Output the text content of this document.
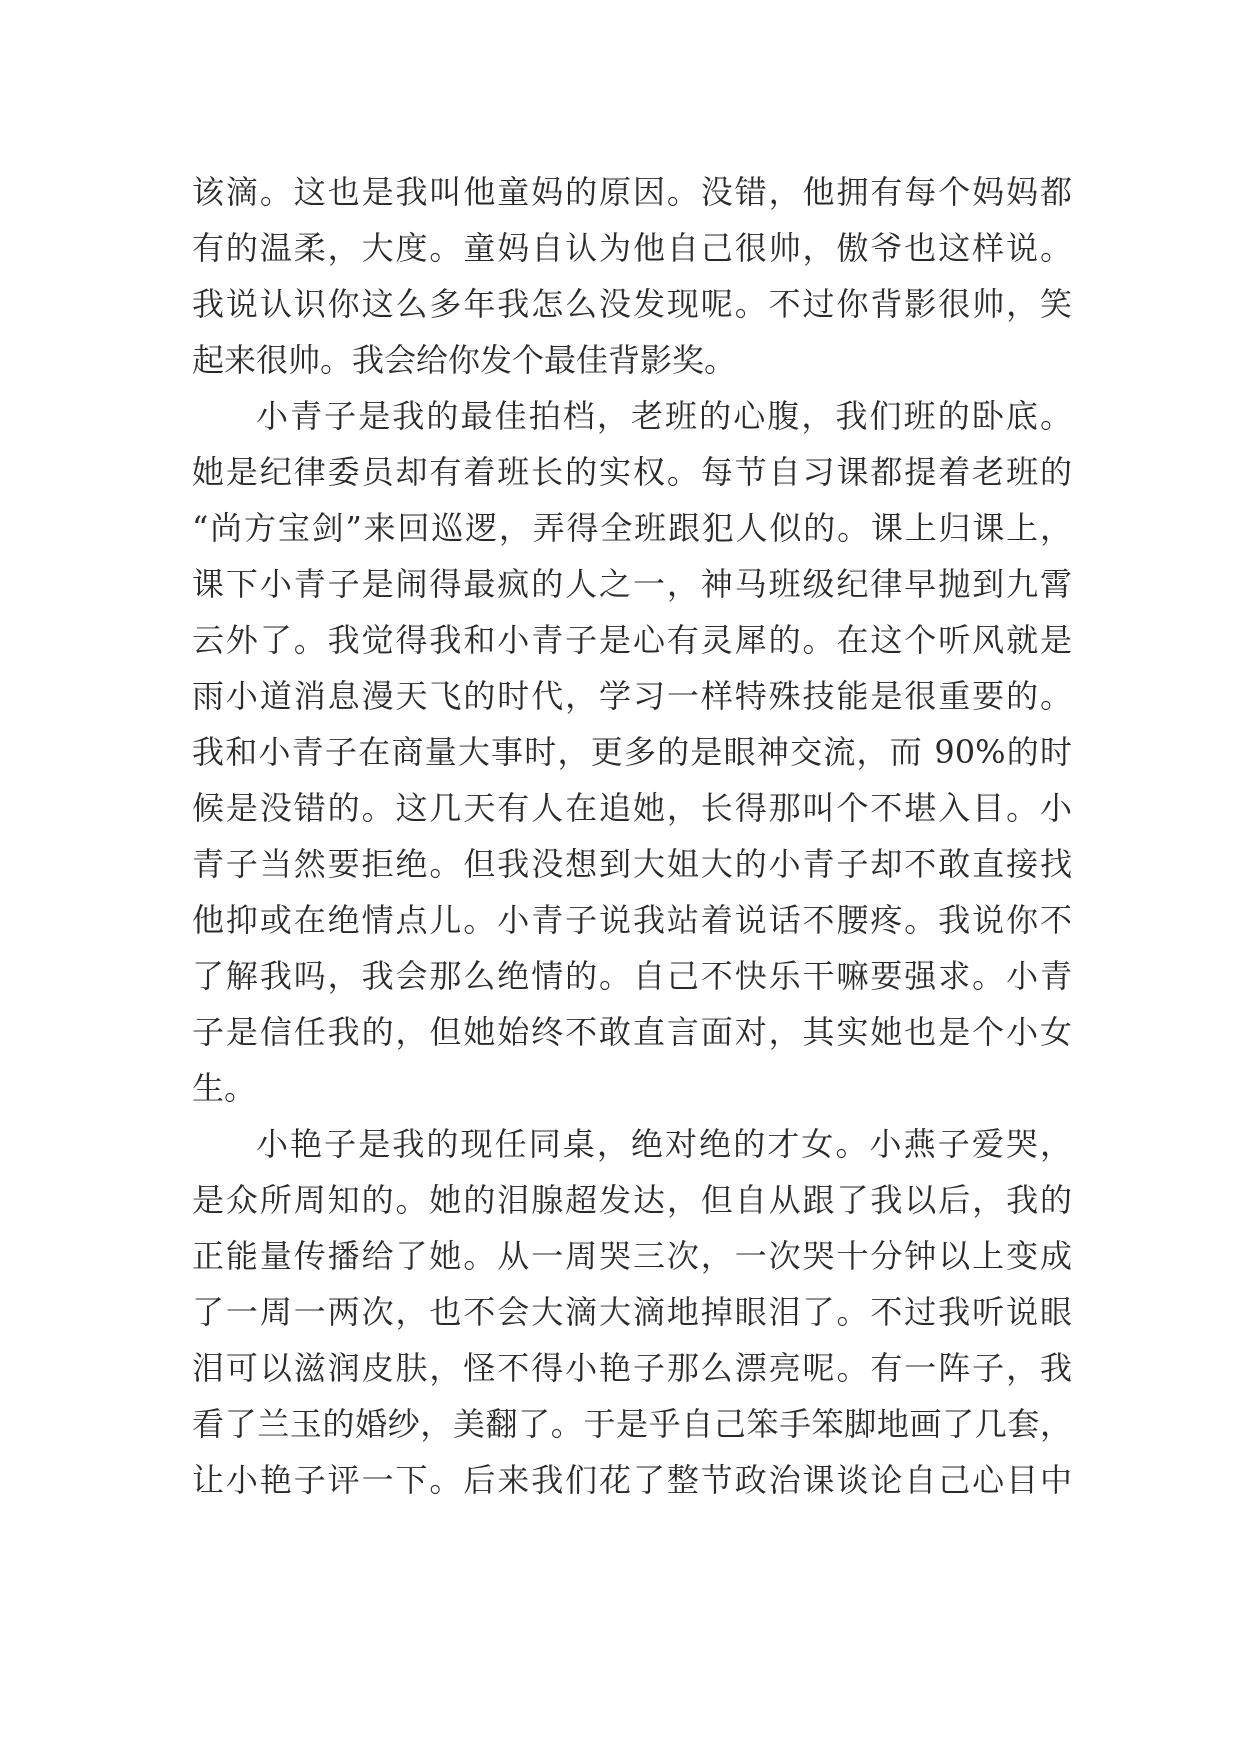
该滴。这也是我叫他童妈的原因。没错，他拥有每个妈妈都
有的温柔，大度。童妈自认为他自己很帅，傲爷也这样说。
我说认识你这么多年我怎么没发现呢。不过你背影很帅，笑
起来很帅。我会给你发个最佳背影奖。
小青子是我的最佳拍档，老班的心腹，我们班的卧底。
她是纪律委员却有着班长的实权。每节自习课都提着老班的
“尚方宝剑”来回巡逻，弄得全班跟犯人似的。课上归课上，
课下小青子是闹得最疯的人之一，神马班级纪律早抛到九霄
云外了。我觉得我和小青子是心有灵犀的。在这个听风就是
雨小道消息漫天飞的时代，学习一样特殊技能是很重要的。
我和小青子在商量大事时，更多的是眼神交流，而 90%的时
候是没错的。这几天有人在追她，长得那叫个不堪入目。小
青子当然要拒绝。但我没想到大姐大的小青子却不敢直接找
他抑或在绝情点儿。小青子说我站着说话不腰疼。我说你不
了解我吗，我会那么绝情的。自己不快乐干嘛要强求。小青
子是信任我的，但她始终不敢直言面对，其实她也是个小女
生。
小艳子是我的现任同桌，绝对绝的才女。小燕子爱哭，
是众所周知的。她的泪腺超发达，但自从跟了我以后，我的
正能量传播给了她。从一周哭三次，一次哭十分钟以上变成
了一周一两次，也不会大滴大滴地掉眼泪了。不过我听说眼
泪可以滋润皮肤，怪不得小艳子那么漂亮呢。有一阵子，我
看了兰玉的婚纱，美翻了。于是乎自己笨手笨脚地画了几套，
让小艳子评一下。后来我们花了整节政治课谈论自己心目中
